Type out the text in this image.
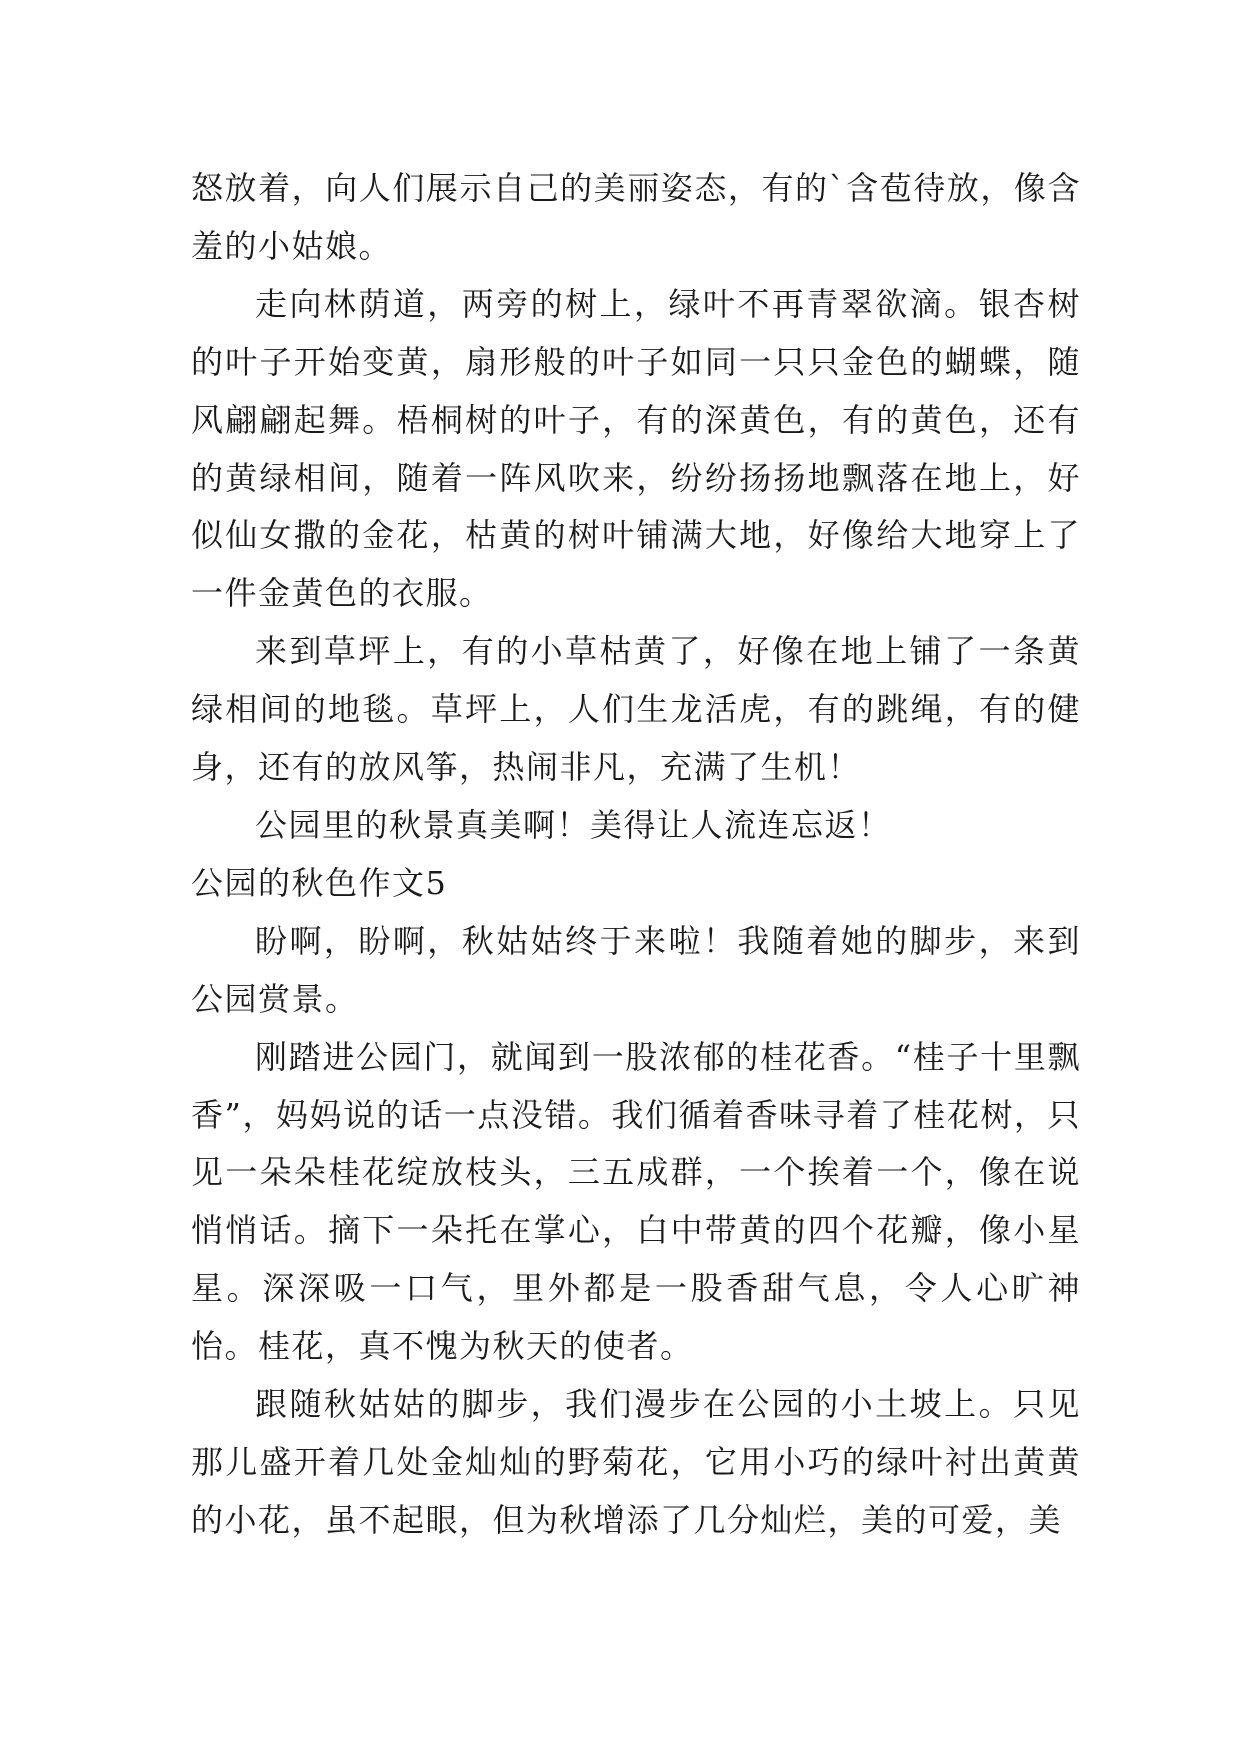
怒放着，向人们展示自己的美丽姿态，有的`含苞待放，像含羞的小姑娘。

走向林荫道，两旁的树上，绿叶不再青翠欲滴。银杏树的叶子开始变黄，扇形般的叶子如同一只只金色的蝴蝶，随风翩翩起舞。梧桐树的叶子，有的深黄色，有的黄色，还有的黄绿相间，随着一阵风吹来，纷纷扬扬地飘落在地上，好似仙女撒的金花，枯黄的树叶铺满大地，好像给大地穿上了一件金黄色的衣服。

来到草坪上，有的小草枯黄了，好像在地上铺了一条黄绿相间的地毯。草坪上，人们生龙活虎，有的跳绳，有的健身，还有的放风筝，热闹非凡，充满了生机！

公园里的秋景真美啊！美得让人流连忘返！

公园的秋色作文5

盼啊，盼啊，秋姑姑终于来啦！我随着她的脚步，来到公园赏景。

刚踏进公园门，就闻到一股浓郁的桂花香。“桂子十里飘香”，妈妈说的话一点没错。我们循着香味寻着了桂花树，只见一朵朵桂花绽放枝头，三五成群，一个挨着一个，像在说悄悄话。摘下一朵托在掌心，白中带黄的四个花瓣，像小星星。深深吸一口气，里外都是一股香甜气息，令人心旷神怡。桂花，真不愧为秋天的使者。

跟随秋姑姑的脚步，我们漫步在公园的小土坡上。只见那儿盛开着几处金灿灿的野菊花，它用小巧的绿叶衬出黄黄的小花，虽不起眼，但为秋增添了几分灿烂，美的可爱，美
